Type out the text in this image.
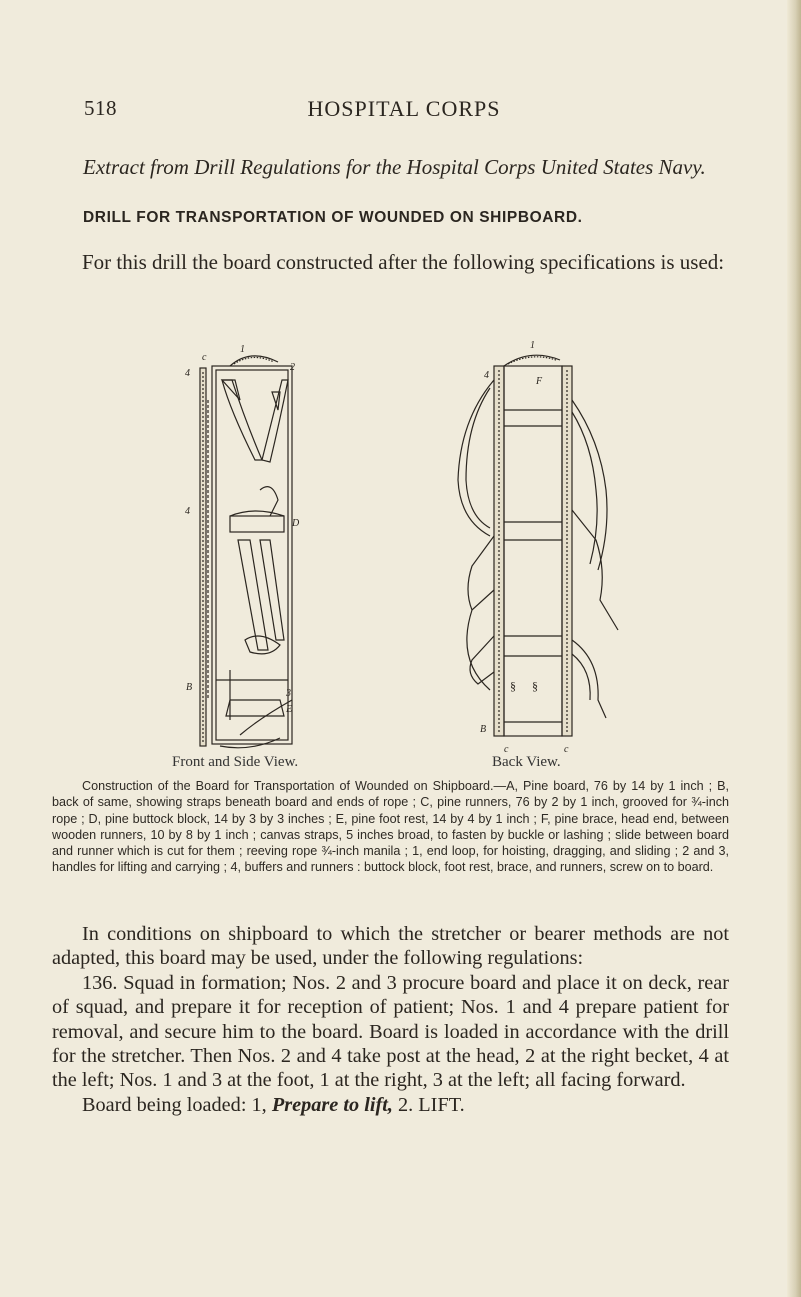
518	HOSPITAL CORPS
Extract from Drill Regulations for the Hospital Corps United States Navy.
DRILL FOR TRANSPORTATION OF WOUNDED ON SHIPBOARD.
For this drill the board constructed after the following specifications is used:
§ §
c
1
2
4
4
D
B
3
E
1
F
4
B
c	c
Front and Side View.	Back View.
Construction of the Board for Transportation of Wounded on Shipboard.—A, Pine board, 76 by 14 by 1 inch ; B, back of same, showing straps beneath board and ends of rope ; C, pine runners, 76 by 2 by 1 inch, grooved for ¾-inch rope ; D, pine buttock block, 14 by 3 by 3 inches ; E, pine foot rest, 14 by 4 by 1 inch ; F, pine brace, head end, between wooden runners, 10 by 8 by 1 inch ; canvas straps, 5 inches broad, to fasten by buckle or lashing ; slide between board and runner which is cut for them ; reeving rope ¾-inch manila ; 1, end loop, for hoisting, dragging, and sliding ; 2 and 3, handles for lifting and carrying ; 4, buffers and runners : buttock block, foot rest, brace, and runners, screw on to board.

In conditions on shipboard to which the stretcher or bearer methods are not adapted, this board may be used, under the following regulations:

136. Squad in formation; Nos. 2 and 3 procure board and place it on deck, rear of squad, and prepare it for reception of patient; Nos. 1 and 4 prepare patient for removal, and secure him to the board. Board is loaded in accordance with the drill for the stretcher. Then Nos. 2 and 4 take post at the head, 2 at the right becket, 4 at the left; Nos. 1 and 3 at the foot, 1 at the right, 3 at the left; all facing forward.

Board being loaded: 1, Prepare to lift, 2. LIFT.
